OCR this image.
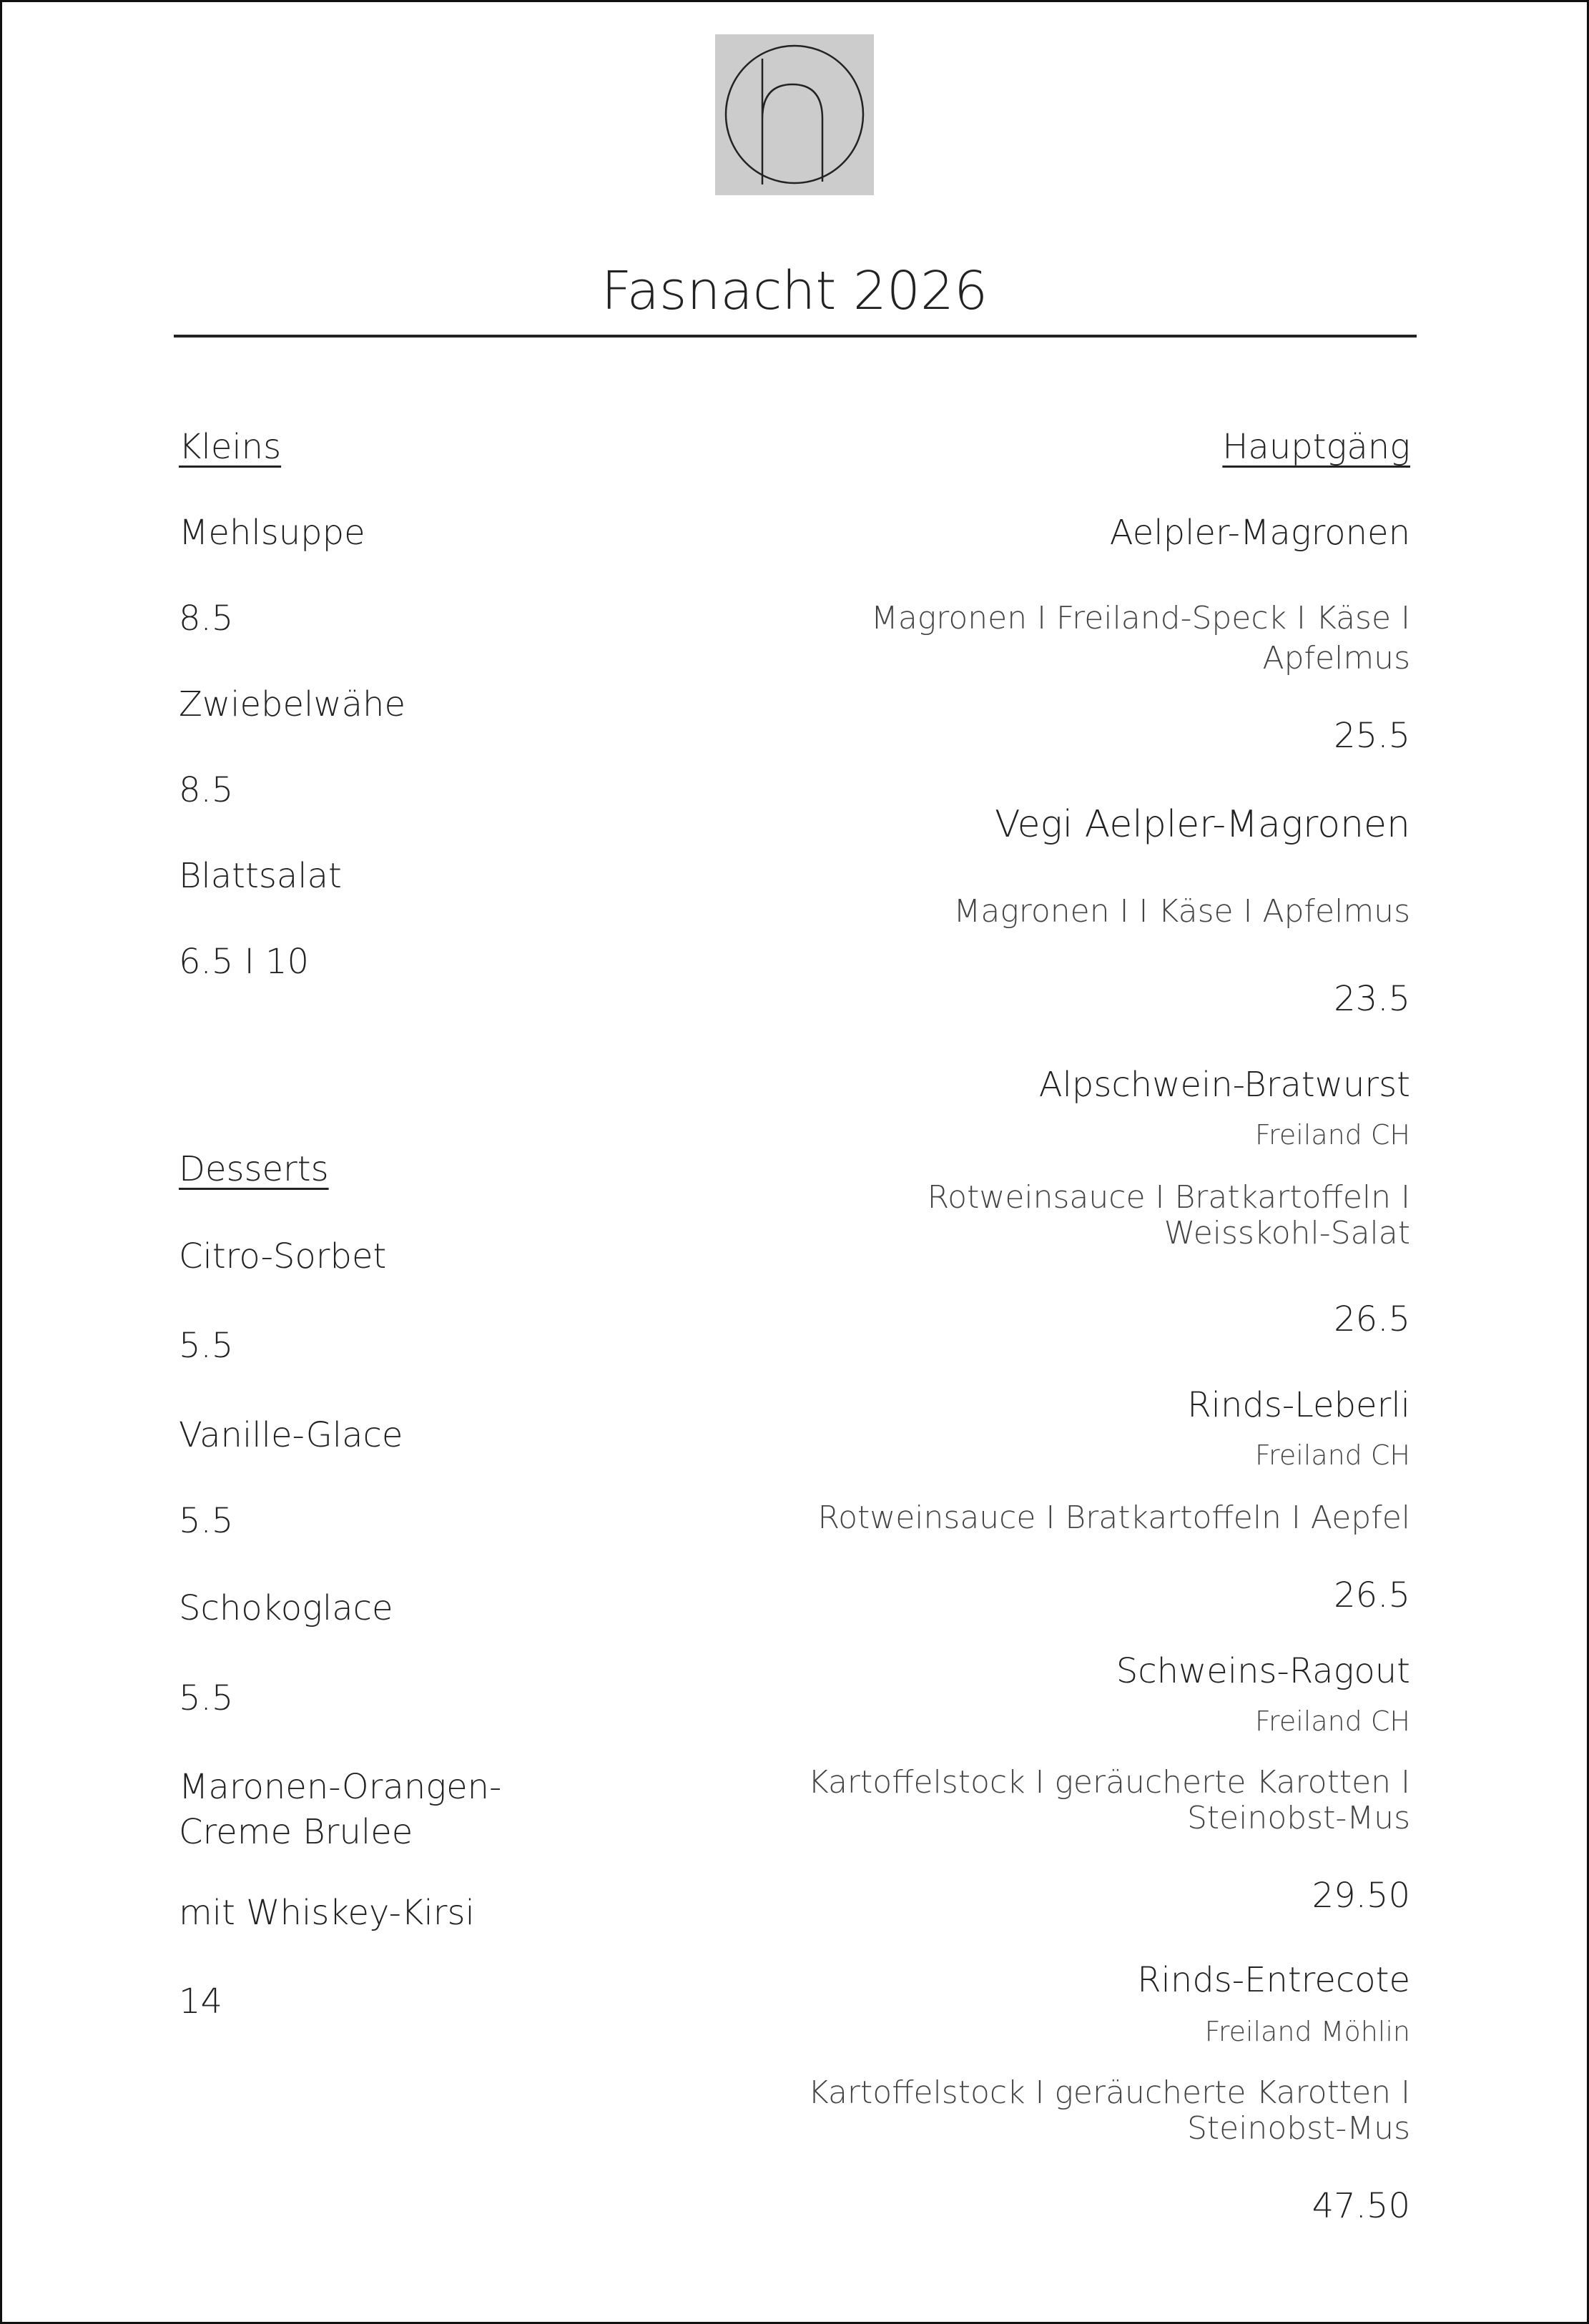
Fasnacht 2026
Kleins
Mehlsuppe
8.5
Zwiebelwähe
8.5
Blattsalat
6.5 I 10
Desserts
Citro-Sorbet
5.5
Vanille-Glace
5.5
Schokoglace
5.5
Maronen-Orangen-
Creme Brulee
mit Whiskey-Kirsi
14
Hauptgäng
Aelpler-Magronen
Magronen I Freiland-Speck I Käse I
Apfelmus
25.5
Vegi Aelpler-Magronen
Magronen I I Käse I Apfelmus
23.5
Alpschwein-Bratwurst
Freiland CH
Rotweinsauce I Bratkartoffeln I
Weisskohl-Salat
26.5
Rinds-Leberli
Freiland CH
Rotweinsauce I Bratkartoffeln I Aepfel
26.5
Schweins-Ragout
Freiland CH
Kartoffelstock I geräucherte Karotten I
Steinobst-Mus
29.50
Rinds-Entrecote
Freiland Möhlin
Kartoffelstock I geräucherte Karotten I
Steinobst-Mus
47.50
